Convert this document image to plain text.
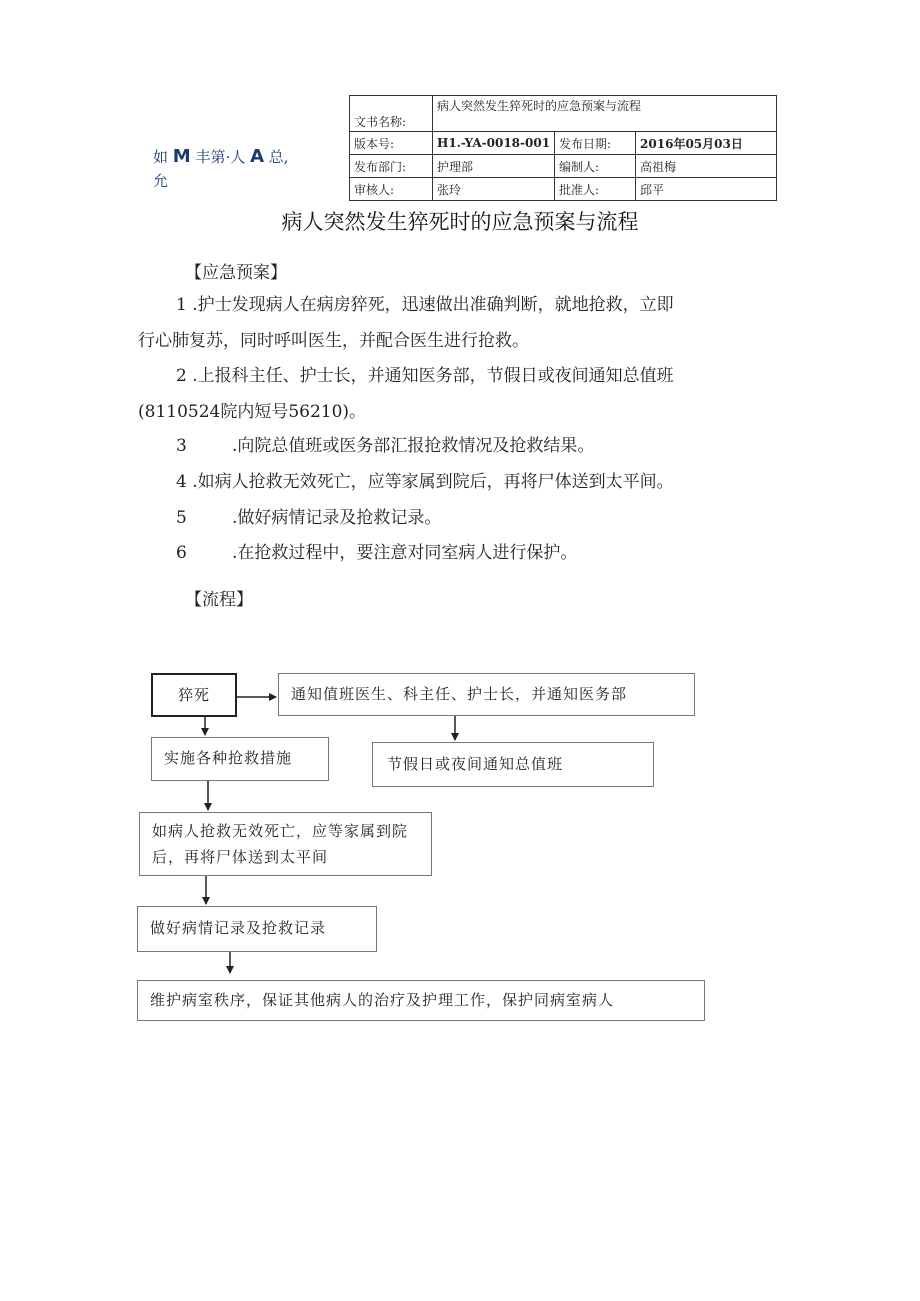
如 M 丰第·人 A 总,
允
文书名称:	病人突然发生猝死时的应急预案与流程		
版本号:	H1.-YA-0018-001	发布日期:	2016年05月03日
发布部门:	护理部	编制人:	高祖梅
审核人:	张玲	批准人:	邱平
病人突然发生猝死时的应急预案与流程
【应急预案】
1 .护士发现病人在病房猝死，迅速做出准确判断，就地抢救，立即
行心肺复苏，同时呼叫医生，并配合医生进行抢救。
2 .上报科主任、护士长，并通知医务部，节假日或夜间通知总值班
(8110524院内短号56210)。
3	.向院总值班或医务部汇报抢救情况及抢救结果。
4 .如病人抢救无效死亡，应等家属到院后，再将尸体送到太平间。
5	.做好病情记录及抢救记录。
6	.在抢救过程中，要注意对同室病人进行保护。
【流程】
猝死	通知值班医生、科主任、护士长，并通知医务部
节假日或夜间通知总值班
实施各种抢救措施
如病人抢救无效死亡，应等家属到院后，再将尸体送到太平间
做好病情记录及抢救记录
维护病室秩序，保证其他病人的治疗及护理工作，保护同病室病人
